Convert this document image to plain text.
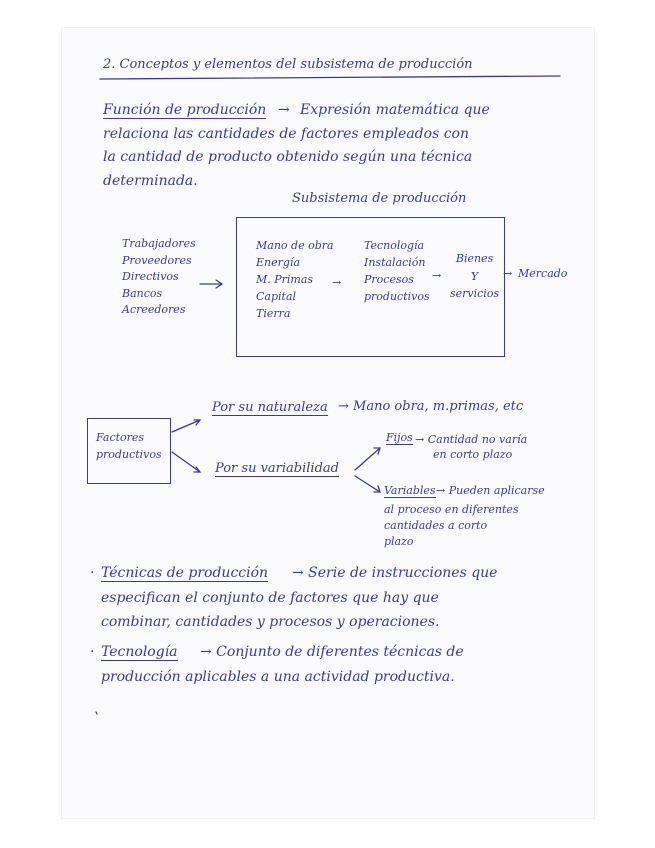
2. Conceptos y elementos del subsistema de producción
Función de producción → Expresión matemática que
relaciona las cantidades de factores empleados con
la cantidad de producto obtenido según una técnica
determinada.
Subsistema de producción
Trabajadores
Proveedores
Directivos
Bancos
Acreedores
Mano de obra
Energía
M. Primas
Capital
Tierra
→
Tecnología
Instalación
Procesos
productivos
→
Bienes
Y
servicios
→ Mercado
Factores
productivos
Por su naturaleza → Mano obra, m.primas, etc
Por su variabilidad
Fijos → Cantidad no varía
en corto plazo
Variables → Pueden aplicarse
al proceso en diferentes
cantidades a corto
plazo
· Técnicas de producción → Serie de instrucciones que
especifican el conjunto de factores que hay que
combinar, cantidades y procesos y operaciones.
· Tecnología → Conjunto de diferentes técnicas de
producción aplicables a una actividad productiva.
